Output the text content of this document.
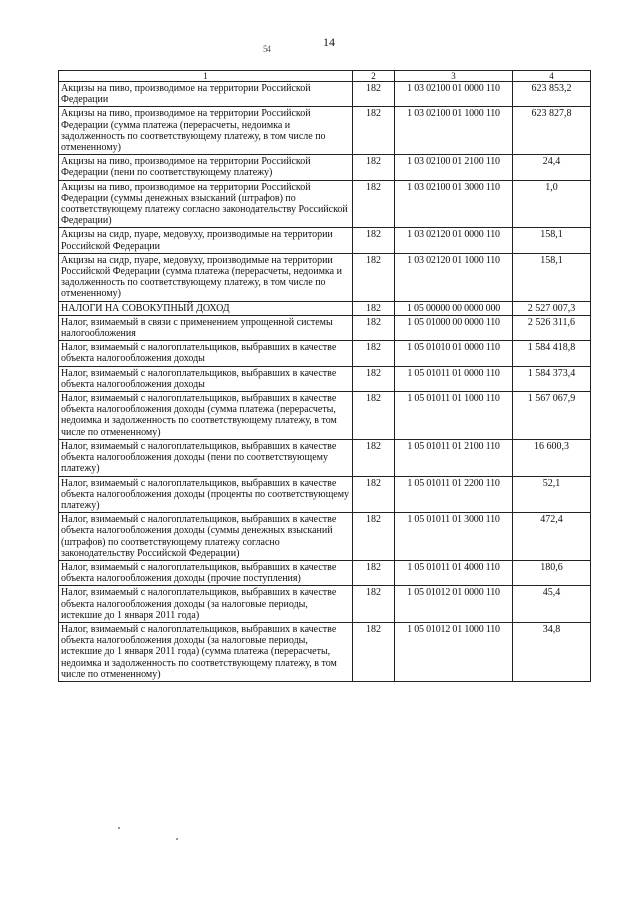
14
54
1	2	3	4
Акцизы на пиво, производимое на территории Российской Федерации	182	1 03 02100 01 0000 110	623 853,2
Акцизы на пиво, производимое на территории Российской Федерации (сумма платежа (перерасчеты, недоимка и задолженность по соответствующему платежу, в том числе по отмененному)	182	1 03 02100 01 1000 110	623 827,8
Акцизы на пиво, производимое на территории Российской Федерации (пени по соответствующему платежу)	182	1 03 02100 01 2100 110	24,4
Акцизы на пиво, производимое на территории Российской Федерации (суммы денежных взысканий (штрафов) по соответствующему платежу согласно законодательству Российской Федерации)	182	1 03 02100 01 3000 110	1,0
Акцизы на сидр, пуаре, медовуху, производимые на территории Российской Федерации	182	1 03 02120 01 0000 110	158,1
Акцизы на сидр, пуаре, медовуху, производимые на территории Российской Федерации (сумма платежа (перерасчеты, недоимка и задолженность по соответствующему платежу, в том числе по отмененному)	182	1 03 02120 01 1000 110	158,1
НАЛОГИ НА СОВОКУПНЫЙ ДОХОД	182	1 05 00000 00 0000 000	2 527 007,3
Налог, взимаемый в связи с применением упрощенной системы налогообложения	182	1 05 01000 00 0000 110	2 526 311,6
Налог, взимаемый с налогоплательщиков, выбравших в качестве объекта налогообложения доходы	182	1 05 01010 01 0000 110	1 584 418,8
Налог, взимаемый с налогоплательщиков, выбравших в качестве объекта налогообложения доходы	182	1 05 01011 01 0000 110	1 584 373,4
Налог, взимаемый с налогоплательщиков, выбравших в качестве объекта налогообложения доходы (сумма платежа (перерасчеты, недоимка и задолженность по соответствующему платежу, в том числе по отмененному)	182	1 05 01011 01 1000 110	1 567 067,9
Налог, взимаемый с налогоплательщиков, выбравших в качестве объекта налогообложения доходы (пени по соответствующему платежу)	182	1 05 01011 01 2100 110	16 600,3
Налог, взимаемый с налогоплательщиков, выбравших в качестве объекта налогообложения доходы (проценты по соответствующему платежу)	182	1 05 01011 01 2200 110	52,1
Налог, взимаемый с налогоплательщиков, выбравших в качестве объекта налогообложения доходы (суммы денежных взысканий (штрафов) по соответствующему платежу согласно законодательству Российской Федерации)	182	1 05 01011 01 3000 110	472,4
Налог, взимаемый с налогоплательщиков, выбравших в качестве объекта налогообложения доходы (прочие поступления)	182	1 05 01011 01 4000 110	180,6
Налог, взимаемый с налогоплательщиков, выбравших в качестве объекта налогообложения доходы (за налоговые периоды, истекшие до 1 января 2011 года)	182	1 05 01012 01 0000 110	45,4
Налог, взимаемый с налогоплательщиков, выбравших в качестве объекта налогообложения доходы (за налоговые периоды, истекшие до 1 января 2011 года) (сумма платежа (перерасчеты, недоимка и задолженность по соответствующему платежу, в том числе по отмененному)	182	1 05 01012 01 1000 110	34,8
